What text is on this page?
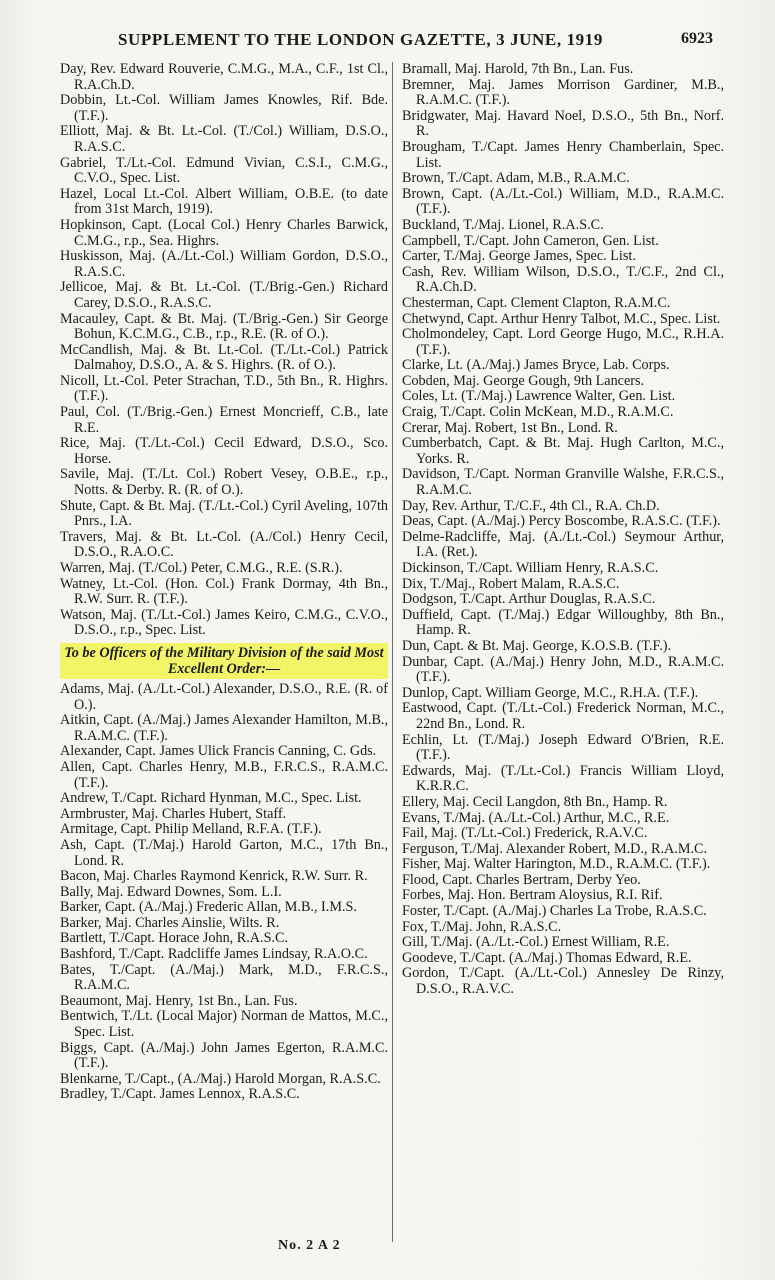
SUPPLEMENT TO THE LONDON GAZETTE, 3 JUNE, 1919	6923
Day, Rev. Edward Rouverie, C.M.G., M.A., C.F., 1st Cl., R.A.Ch.D.
Dobbin, Lt.-Col. William James Knowles, Rif. Bde. (T.F.).
Elliott, Maj. & Bt. Lt.-Col. (T./Col.) William, D.S.O., R.A.S.C.
Gabriel, T./Lt.-Col. Edmund Vivian, C.S.I., C.M.G., C.V.O., Spec. List.
Hazel, Local Lt.-Col. Albert William, O.B.E. (to date from 31st March, 1919).
Hopkinson, Capt. (Local Col.) Henry Charles Barwick, C.M.G., r.p., Sea. Highrs.
Huskisson, Maj. (A./Lt.-Col.) William Gordon, D.S.O., R.A.S.C.
Jellicoe, Maj. & Bt. Lt.-Col. (T./Brig.-Gen.) Richard Carey, D.S.O., R.A.S.C.
Macauley, Capt. & Bt. Maj. (T./Brig.-Gen.) Sir George Bohun, K.C.M.G., C.B., r.p., R.E. (R. of O.).
McCandlish, Maj. & Bt. Lt.-Col. (T./Lt.-Col.) Patrick Dalmahoy, D.S.O., A. & S. Highrs. (R. of O.).
Nicoll, Lt.-Col. Peter Strachan, T.D., 5th Bn., R. Highrs. (T.F.).
Paul, Col. (T./Brig.-Gen.) Ernest Moncrieff, C.B., late R.E.
Rice, Maj. (T./Lt.-Col.) Cecil Edward, D.S.O., Sco. Horse.
Savile, Maj. (T./Lt. Col.) Robert Vesey, O.B.E., r.p., Notts. & Derby. R. (R. of O.).
Shute, Capt. & Bt. Maj. (T./Lt.-Col.) Cyril Aveling, 107th Pnrs., I.A.
Travers, Maj. & Bt. Lt.-Col. (A./Col.) Henry Cecil, D.S.O., R.A.O.C.
Warren, Maj. (T./Col.) Peter, C.M.G., R.E. (S.R.).
Watney, Lt.-Col. (Hon. Col.) Frank Dormay, 4th Bn., R.W. Surr. R. (T.F.).
Watson, Maj. (T./Lt.-Col.) James Keiro, C.M.G., C.V.O., D.S.O., r.p., Spec. List.
To be Officers of the Military Division of the said Most Excellent Order:—
Adams, Maj. (A./Lt.-Col.) Alexander, D.S.O., R.E. (R. of O.).
Aitkin, Capt. (A./Maj.) James Alexander Hamilton, M.B., R.A.M.C. (T.F.).
Alexander, Capt. James Ulick Francis Canning, C. Gds.
Allen, Capt. Charles Henry, M.B., F.R.C.S., R.A.M.C. (T.F.).
Andrew, T./Capt. Richard Hynman, M.C., Spec. List.
Armbruster, Maj. Charles Hubert, Staff.
Armitage, Capt. Philip Melland, R.F.A. (T.F.).
Ash, Capt. (T./Maj.) Harold Garton, M.C., 17th Bn., Lond. R.
Bacon, Maj. Charles Raymond Kenrick, R.W. Surr. R.
Bally, Maj. Edward Downes, Som. L.I.
Barker, Capt. (A./Maj.) Frederic Allan, M.B., I.M.S.
Barker, Maj. Charles Ainslie, Wilts. R.
Bartlett, T./Capt. Horace John, R.A.S.C.
Bashford, T./Capt. Radcliffe James Lindsay, R.A.O.C.
Bates, T./Capt. (A./Maj.) Mark, M.D., F.R.C.S., R.A.M.C.
Beaumont, Maj. Henry, 1st Bn., Lan. Fus.
Bentwich, T./Lt. (Local Major) Norman de Mattos, M.C., Spec. List.
Biggs, Capt. (A./Maj.) John James Egerton, R.A.M.C. (T.F.).
Blenkarne, T./Capt., (A./Maj.) Harold Morgan, R.A.S.C.
Bradley, T./Capt. James Lennox, R.A.S.C.
Bramall, Maj. Harold, 7th Bn., Lan. Fus.
Bremner, Maj. James Morrison Gardiner, M.B., R.A.M.C. (T.F.).
Bridgwater, Maj. Havard Noel, D.S.O., 5th Bn., Norf. R.
Brougham, T./Capt. James Henry Chamberlain, Spec. List.
Brown, T./Capt. Adam, M.B., R.A.M.C.
Brown, Capt. (A./Lt.-Col.) William, M.D., R.A.M.C. (T.F.).
Buckland, T./Maj. Lionel, R.A.S.C.
Campbell, T./Capt. John Cameron, Gen. List.
Carter, T./Maj. George James, Spec. List.
Cash, Rev. William Wilson, D.S.O., T./C.F., 2nd Cl., R.A.Ch.D.
Chesterman, Capt. Clement Clapton, R.A.M.C.
Chetwynd, Capt. Arthur Henry Talbot, M.C., Spec. List.
Cholmondeley, Capt. Lord George Hugo, M.C., R.H.A. (T.F.).
Clarke, Lt. (A./Maj.) James Bryce, Lab. Corps.
Cobden, Maj. George Gough, 9th Lancers.
Coles, Lt. (T./Maj.) Lawrence Walter, Gen. List.
Craig, T./Capt. Colin McKean, M.D., R.A.M.C.
Crerar, Maj. Robert, 1st Bn., Lond. R.
Cumberbatch, Capt. & Bt. Maj. Hugh Carlton, M.C., Yorks. R.
Davidson, T./Capt. Norman Granville Walshe, F.R.C.S., R.A.M.C.
Day, Rev. Arthur, T./C.F., 4th Cl., R.A. Ch.D.
Deas, Capt. (A./Maj.) Percy Boscombe, R.A.S.C. (T.F.).
Delme-Radcliffe, Maj. (A./Lt.-Col.) Seymour Arthur, I.A. (Ret.).
Dickinson, T./Capt. William Henry, R.A.S.C.
Dix, T./Maj., Robert Malam, R.A.S.C.
Dodgson, T./Capt. Arthur Douglas, R.A.S.C.
Duffield, Capt. (T./Maj.) Edgar Willoughby, 8th Bn., Hamp. R.
Dun, Capt. & Bt. Maj. George, K.O.S.B. (T.F.).
Dunbar, Capt. (A./Maj.) Henry John, M.D., R.A.M.C. (T.F.).
Dunlop, Capt. William George, M.C., R.H.A. (T.F.).
Eastwood, Capt. (T./Lt.-Col.) Frederick Norman, M.C., 22nd Bn., Lond. R.
Echlin, Lt. (T./Maj.) Joseph Edward O'Brien, R.E. (T.F.).
Edwards, Maj. (T./Lt.-Col.) Francis William Lloyd, K.R.R.C.
Ellery, Maj. Cecil Langdon, 8th Bn., Hamp. R.
Evans, T./Maj. (A./Lt.-Col.) Arthur, M.C., R.E.
Fail, Maj. (T./Lt.-Col.) Frederick, R.A.V.C.
Ferguson, T./Maj. Alexander Robert, M.D., R.A.M.C.
Fisher, Maj. Walter Harington, M.D., R.A.M.C. (T.F.).
Flood, Capt. Charles Bertram, Derby Yeo.
Forbes, Maj. Hon. Bertram Aloysius, R.I. Rif.
Foster, T./Capt. (A./Maj.) Charles La Trobe, R.A.S.C.
Fox, T./Maj. John, R.A.S.C.
Gill, T./Maj. (A./Lt.-Col.) Ernest William, R.E.
Goodeve, T./Capt. (A./Maj.) Thomas Edward, R.E.
Gordon, T./Capt. (A./Lt.-Col.) Annesley De Rinzy, D.S.O., R.A.V.C.
No. 2 A 2
